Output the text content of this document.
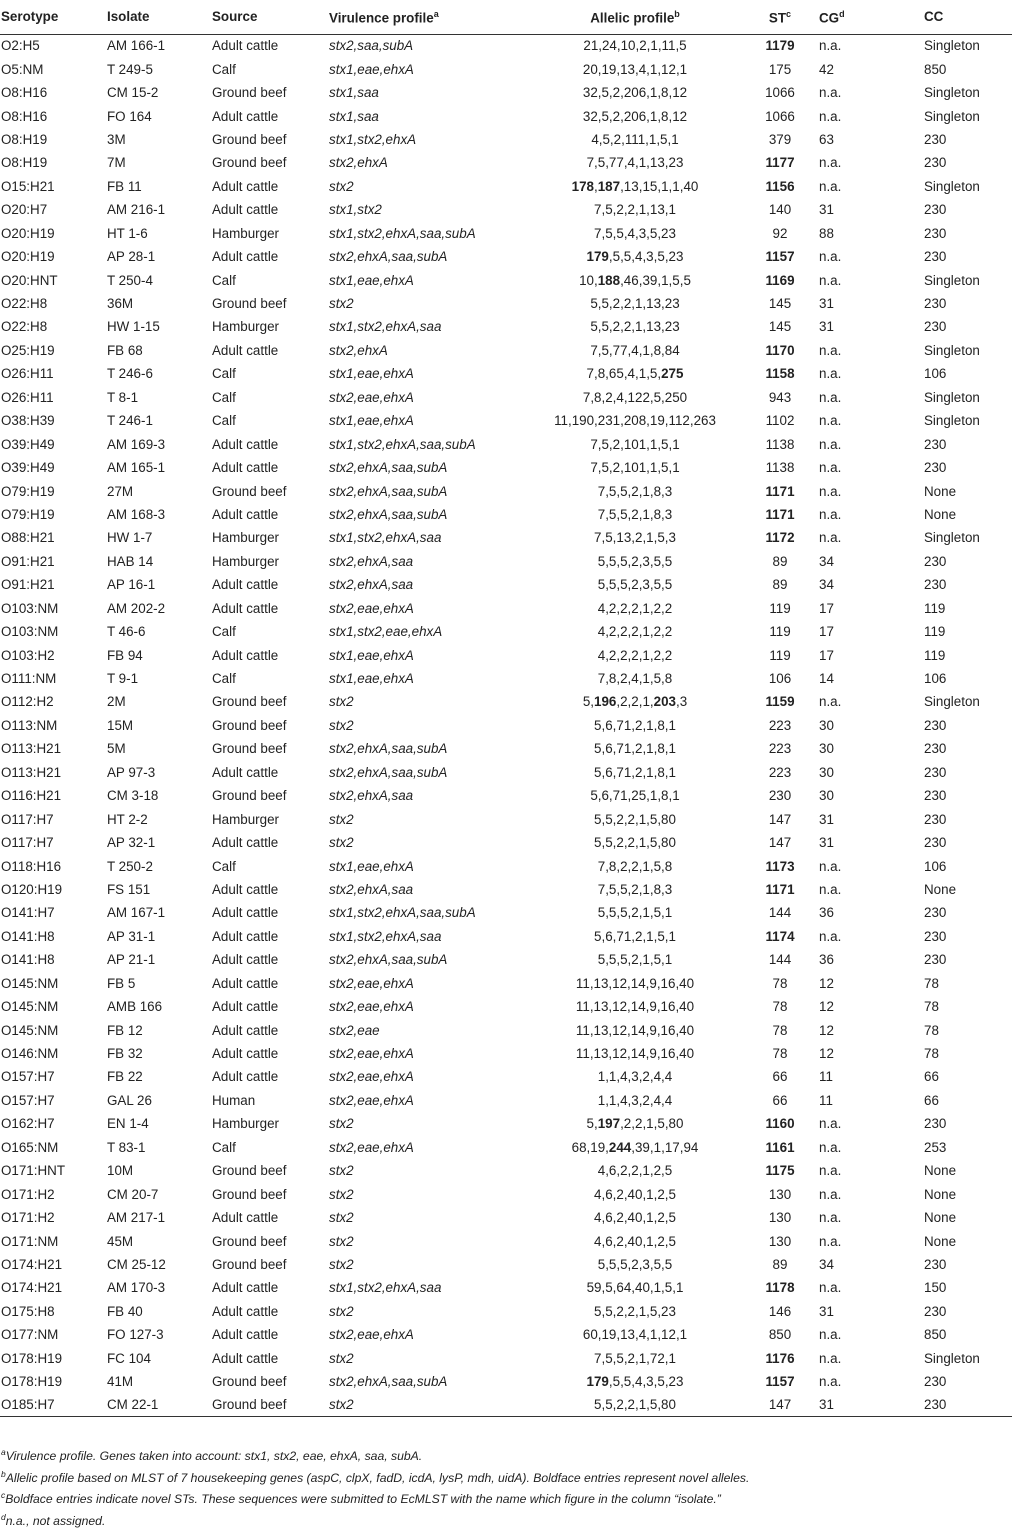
Serotype	Isolate	Source	Virulence profile$^a$	Allelic profile$^b$	$ST^c$	$CG^d$	CC
O2:H5	AM 166-1	Adult cattle	stx2,saa,subA	21,24,10,2,1,11,5	1179	n.a.	Singleton
O5:NM	T 249-5	Calf	stx1,eae,ehxA	20,19,13,4,1,12,1	175	42	850
O8:H16	CM 15-2	Ground beef	stx1,saa	32,5,2,206,1,8,12	1066	n.a.	Singleton
O8:H16	FO 164	Adult cattle	stx1,saa	32,5,2,206,1,8,12	1066	n.a.	Singleton
O8:H19	3M	Ground beef	stx1,stx2,ehxA	4,5,2,111,1,5,1	379	63	230
O8:H19	7M	Ground beef	stx2,ehxA	7,5,77,4,1,13,23	1177	n.a.	230
O15:H21	FB 11	Adult cattle	stx2	178,187,13,15,1,1,40	1156	n.a.	Singleton
O20:H7	AM 216-1	Adult cattle	stx1,stx2	7,5,2,2,1,13,1	140	31	230
O20:H19	HT 1-6	Hamburger	stx1,stx2,ehxA,saa,subA	7,5,5,4,3,5,23	92	88	230
O20:H19	AP 28-1	Adult cattle	stx2,ehxA,saa,subA	179,5,5,4,3,5,23	1157	n.a.	230
O20:HNT	T 250-4	Calf	stx1,eae,ehxA	10,188,46,39,1,5,5	1169	n.a.	Singleton
O22:H8	36M	Ground beef	stx2	5,5,2,2,1,13,23	145	31	230
O22:H8	HW 1-15	Hamburger	stx1,stx2,ehxA,saa	5,5,2,2,1,13,23	145	31	230
O25:H19	FB 68	Adult cattle	stx2,ehxA	7,5,77,4,1,8,84	1170	n.a.	Singleton
O26:H11	T 246-6	Calf	stx1,eae,ehxA	7,8,65,4,1,5,275	1158	n.a.	106
O26:H11	T 8-1	Calf	stx2,eae,ehxA	7,8,2,4,122,5,250	943	n.a.	Singleton
O38:H39	T 246-1	Calf	stx1,eae,ehxA	11,190,231,208,19,112,263	1102	n.a.	Singleton
O39:H49	AM 169-3	Adult cattle	stx1,stx2,ehxA,saa,subA	7,5,2,101,1,5,1	1138	n.a.	230
O39:H49	AM 165-1	Adult cattle	stx2,ehxA,saa,subA	7,5,2,101,1,5,1	1138	n.a.	230
O79:H19	27M	Ground beef	stx2,ehxA,saa,subA	7,5,5,2,1,8,3	1171	n.a.	None
O79:H19	AM 168-3	Adult cattle	stx2,ehxA,saa,subA	7,5,5,2,1,8,3	1171	n.a.	None
O88:H21	HW 1-7	Hamburger	stx1,stx2,ehxA,saa	7,5,13,2,1,5,3	1172	n.a.	Singleton
O91:H21	HAB 14	Hamburger	stx2,ehxA,saa	5,5,5,2,3,5,5	89	34	230
O91:H21	AP 16-1	Adult cattle	stx2,ehxA,saa	5,5,5,2,3,5,5	89	34	230
O103:NM	AM 202-2	Adult cattle	stx2,eae,ehxA	4,2,2,2,1,2,2	119	17	119
O103:NM	T 46-6	Calf	stx1,stx2,eae,ehxA	4,2,2,2,1,2,2	119	17	119
O103:H2	FB 94	Adult cattle	stx1,eae,ehxA	4,2,2,2,1,2,2	119	17	119
O111:NM	T 9-1	Calf	stx1,eae,ehxA	7,8,2,4,1,5,8	106	14	106
O112:H2	2M	Ground beef	stx2	5,196,2,2,1,203,3	1159	n.a.	Singleton
O113:NM	15M	Ground beef	stx2	5,6,71,2,1,8,1	223	30	230
O113:H21	5M	Ground beef	stx2,ehxA,saa,subA	5,6,71,2,1,8,1	223	30	230
O113:H21	AP 97-3	Adult cattle	stx2,ehxA,saa,subA	5,6,71,2,1,8,1	223	30	230
O116:H21	CM 3-18	Ground beef	stx2,ehxA,saa	5,6,71,25,1,8,1	230	30	230
O117:H7	HT 2-2	Hamburger	stx2	5,5,2,2,1,5,80	147	31	230
O117:H7	AP 32-1	Adult cattle	stx2	5,5,2,2,1,5,80	147	31	230
O118:H16	T 250-2	Calf	stx1,eae,ehxA	7,8,2,2,1,5,8	1173	n.a.	106
O120:H19	FS 151	Adult cattle	stx2,ehxA,saa	7,5,5,2,1,8,3	1171	n.a.	None
O141:H7	AM 167-1	Adult cattle	stx1,stx2,ehxA,saa,subA	5,5,5,2,1,5,1	144	36	230
O141:H8	AP 31-1	Adult cattle	stx1,stx2,ehxA,saa	5,6,71,2,1,5,1	1174	n.a.	230
O141:H8	AP 21-1	Adult cattle	stx2,ehxA,saa,subA	5,5,5,2,1,5,1	144	36	230
O145:NM	FB 5	Adult cattle	stx2,eae,ehxA	11,13,12,14,9,16,40	78	12	78
O145:NM	AMB 166	Adult cattle	stx2,eae,ehxA	11,13,12,14,9,16,40	78	12	78
O145:NM	FB 12	Adult cattle	stx2,eae	11,13,12,14,9,16,40	78	12	78
O146:NM	FB 32	Adult cattle	stx2,eae,ehxA	11,13,12,14,9,16,40	78	12	78
O157:H7	FB 22	Adult cattle	stx2,eae,ehxA	1,1,4,3,2,4,4	66	11	66
O157:H7	GAL 26	Human	stx2,eae,ehxA	1,1,4,3,2,4,4	66	11	66
O162:H7	EN 1-4	Hamburger	stx2	5,197,2,2,1,5,80	1160	n.a.	230
O165:NM	T 83-1	Calf	stx2,eae,ehxA	68,19,244,39,1,17,94	1161	n.a.	253
O171:HNT	10M	Ground beef	stx2	4,6,2,2,1,2,5	1175	n.a.	None
O171:H2	CM 20-7	Ground beef	stx2	4,6,2,40,1,2,5	130	n.a.	None
O171:H2	AM 217-1	Adult cattle	stx2	4,6,2,40,1,2,5	130	n.a.	None
O171:NM	45M	Ground beef	stx2	4,6,2,40,1,2,5	130	n.a.	None
O174:H21	CM 25-12	Ground beef	stx2	5,5,5,2,3,5,5	89	34	230
O174:H21	AM 170-3	Adult cattle	stx1,stx2,ehxA,saa	59,5,64,40,1,5,1	1178	n.a.	150
O175:H8	FB 40	Adult cattle	stx2	5,5,2,2,1,5,23	146	31	230
O177:NM	FO 127-3	Adult cattle	stx2,eae,ehxA	60,19,13,4,1,12,1	850	n.a.	850
O178:H19	FC 104	Adult cattle	stx2	7,5,5,2,1,72,1	1176	n.a.	Singleton
O178:H19	41M	Ground beef	stx2,ehxA,saa,subA	179,5,5,4,3,5,23	1157	n.a.	230
O185:H7	CM 22-1	Ground beef	stx2	5,5,2,2,1,5,80	147	31	230
$^a$Virulence profile. Genes taken into account: stx1, stx2, eae, ehxA, saa, subA.
$^b$Allelic profile based on MLST of 7 housekeeping genes (aspC, clpX, fadD, icdA, lysP, mdh, uidA). Boldface entries represent novel alleles.
$^c$Boldface entries indicate novel STs. These sequences were submitted to EcMLST with the name which figure in the column “isolate.”
$^d$n.a., not assigned.
